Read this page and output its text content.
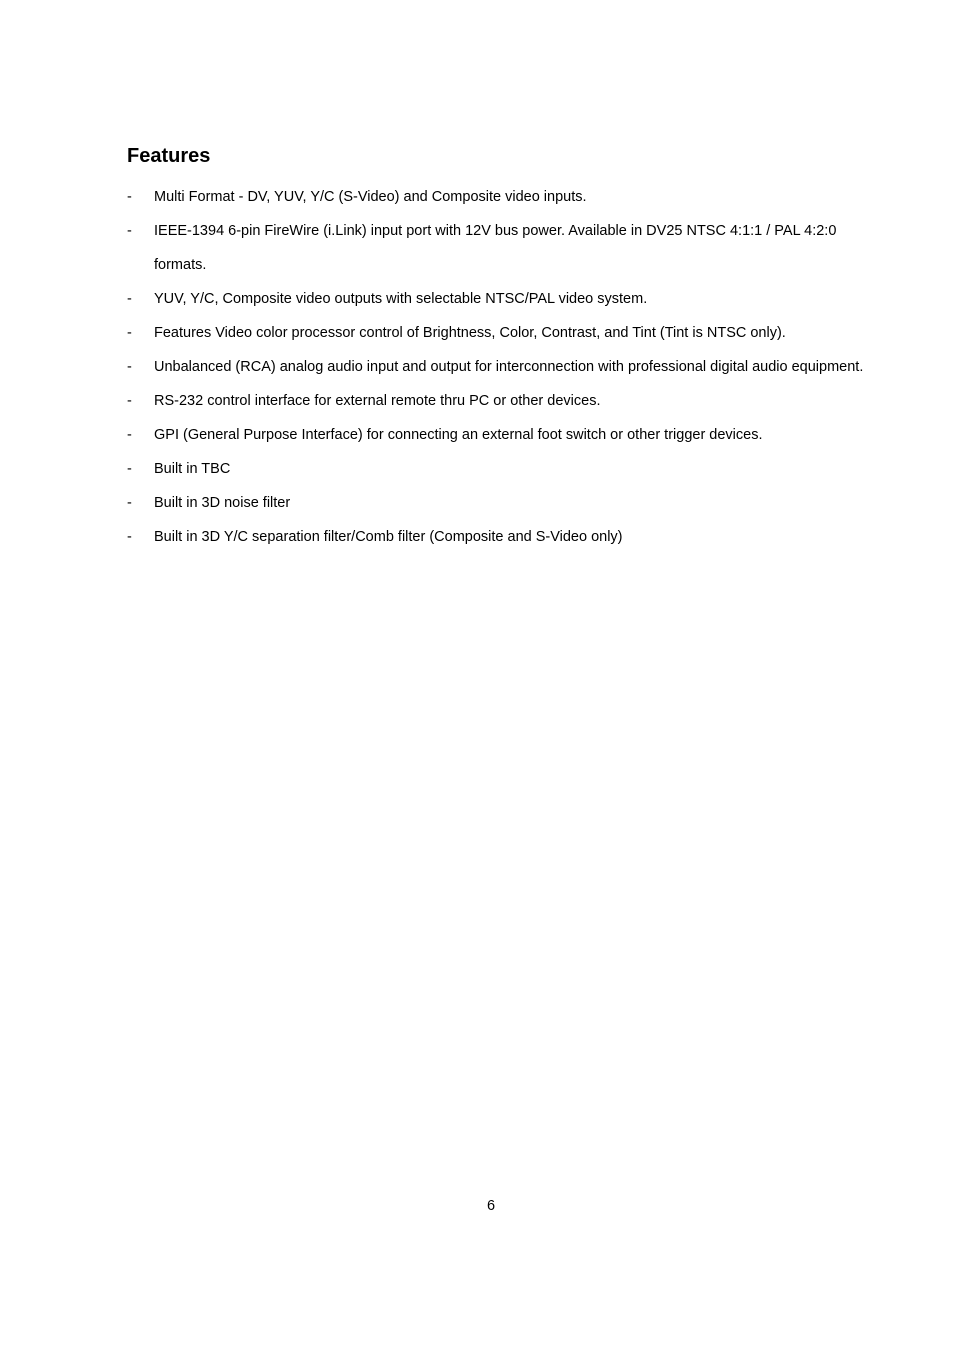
Features
- Multi Format - DV, YUV, Y/C (S-Video) and Composite video inputs.
- IEEE-1394 6-pin FireWire (i.Link) input port with 12V bus power. Available in DV25 NTSC 4:1:1 / PAL 4:2:0 formats.
- YUV, Y/C, Composite video outputs with selectable NTSC/PAL video system.
- Features Video color processor control of Brightness, Color, Contrast, and Tint (Tint is NTSC only).
- Unbalanced (RCA) analog audio input and output for interconnection with professional digital audio equipment.
- RS-232 control interface for external remote thru PC or other devices.
- GPI (General Purpose Interface) for connecting an external foot switch or other trigger devices.
- Built in TBC
- Built in 3D noise filter
- Built in 3D Y/C separation filter/Comb filter (Composite and S-Video only)
6
